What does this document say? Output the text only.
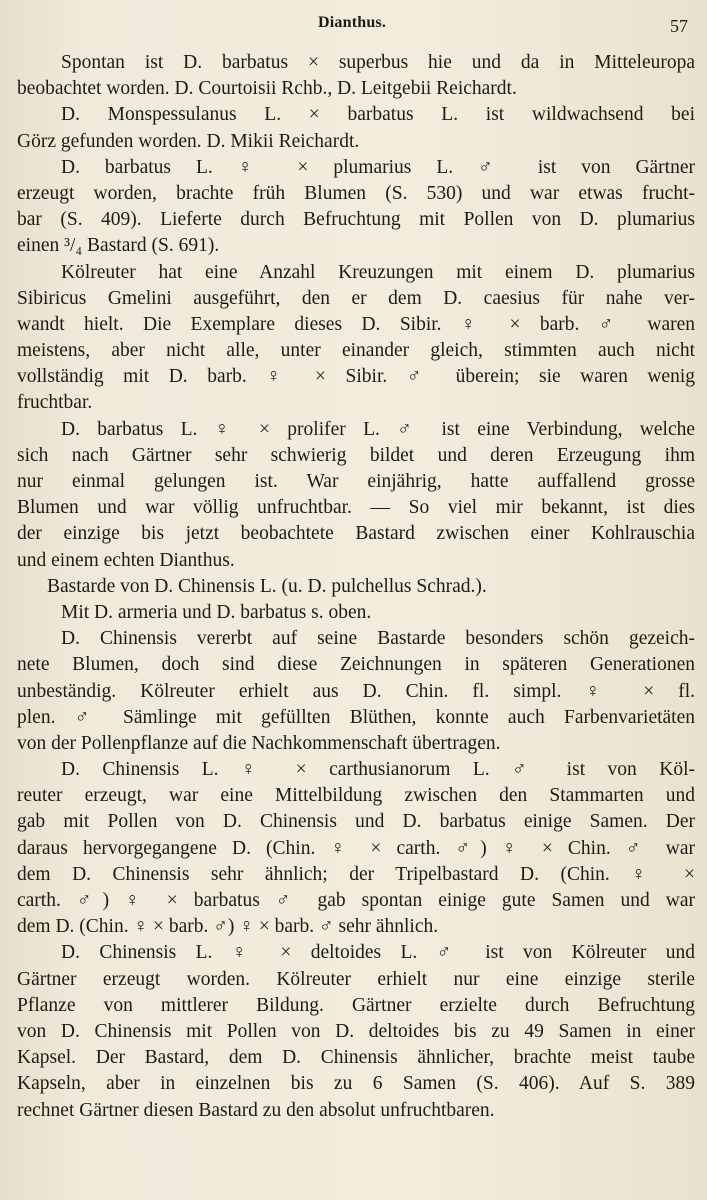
Dianthus.	57
Spontan ist D. barbatus × superbus hie und da in Mitteleuropa
beobachtet worden. D. Courtoisii Rchb., D. Leitgebii Reichardt.
D. Monspessulanus L. × barbatus L. ist wildwachsend bei
Görz gefunden worden. D. Mikii Reichardt.
D. barbatus L. ♀ × plumarius L. ♂ ist von Gärtner
erzeugt worden, brachte früh Blumen (S. 530) und war etwas frucht-
bar (S. 409). Lieferte durch Befruchtung mit Pollen von D. plumarius
einen ³/₄ Bastard (S. 691).
Kölreuter hat eine Anzahl Kreuzungen mit einem D. plumarius
Sibiricus Gmelini ausgeführt, den er dem D. caesius für nahe ver-
wandt hielt. Die Exemplare dieses D. Sibir. ♀ × barb. ♂ waren
meistens, aber nicht alle, unter einander gleich, stimmten auch nicht
vollständig mit D. barb. ♀ × Sibir. ♂ überein; sie waren wenig
fruchtbar.
D. barbatus L. ♀ × prolifer L. ♂ ist eine Verbindung, welche
sich nach Gärtner sehr schwierig bildet und deren Erzeugung ihm
nur einmal gelungen ist. War einjährig, hatte auffallend grosse
Blumen und war völlig unfruchtbar. — So viel mir bekannt, ist dies
der einzige bis jetzt beobachtete Bastard zwischen einer Kohlrauschia
und einem echten Dianthus.
Bastarde von D. Chinensis L. (u. D. pulchellus Schrad.).
Mit D. armeria und D. barbatus s. oben.
D. Chinensis vererbt auf seine Bastarde besonders schön gezeich-
nete Blumen, doch sind diese Zeichnungen in späteren Generationen
unbeständig. Kölreuter erhielt aus D. Chin. fl. simpl. ♀ × fl.
plen. ♂ Sämlinge mit gefüllten Blüthen, konnte auch Farbenvarietäten
von der Pollenpflanze auf die Nachkommenschaft übertragen.
D. Chinensis L. ♀ × carthusianorum L. ♂ ist von Köl-
reuter erzeugt, war eine Mittelbildung zwischen den Stammarten und
gab mit Pollen von D. Chinensis und D. barbatus einige Samen. Der
daraus hervorgegangene D. (Chin. ♀ × carth. ♂) ♀ × Chin. ♂ war
dem D. Chinensis sehr ähnlich; der Tripelbastard D. (Chin. ♀ ×
carth. ♂) ♀ × barbatus ♂ gab spontan einige gute Samen und war
dem D. (Chin. ♀ × barb. ♂) ♀ × barb. ♂ sehr ähnlich.
D. Chinensis L. ♀ × deltoides L. ♂ ist von Kölreuter und
Gärtner erzeugt worden. Kölreuter erhielt nur eine einzige sterile
Pflanze von mittlerer Bildung. Gärtner erzielte durch Befruchtung
von D. Chinensis mit Pollen von D. deltoides bis zu 49 Samen in einer
Kapsel. Der Bastard, dem D. Chinensis ähnlicher, brachte meist taube
Kapseln, aber in einzelnen bis zu 6 Samen (S. 406). Auf S. 389
rechnet Gärtner diesen Bastard zu den absolut unfruchtbaren.
